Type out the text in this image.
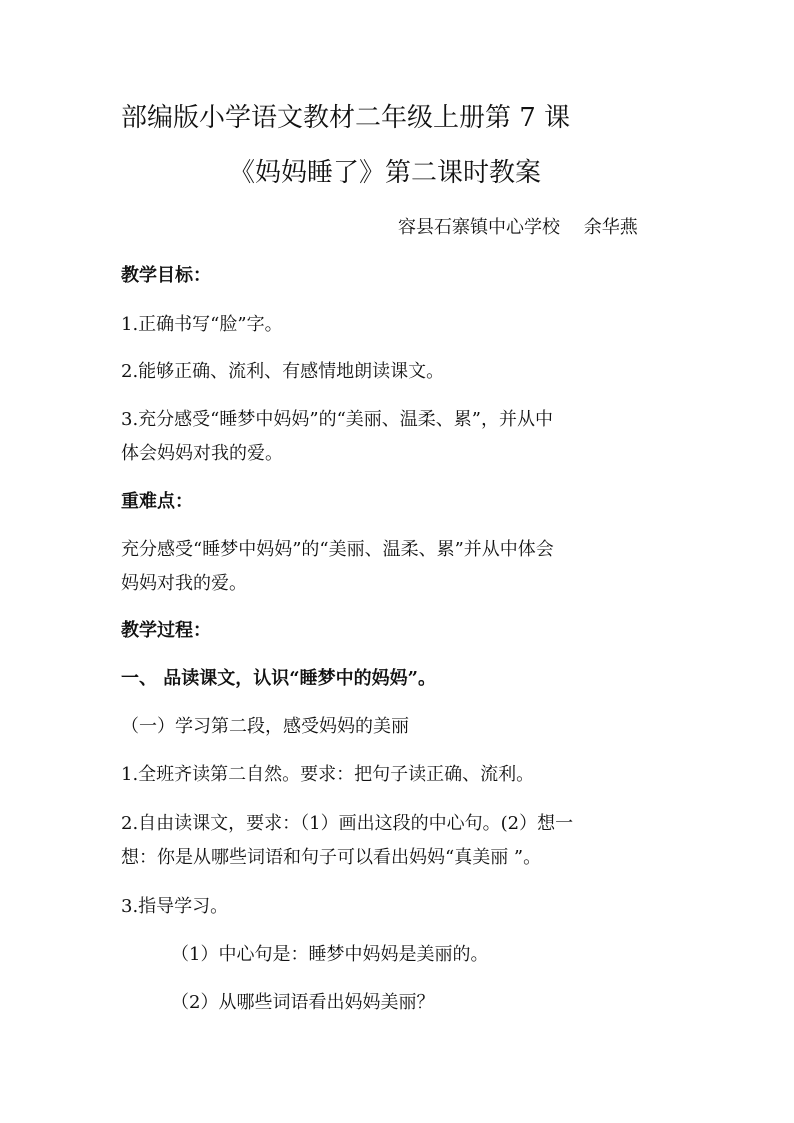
部编版小学语文教材二年级上册第 7 课
《妈妈睡了》第二课时教案
容县石寨镇中心学校　 余华燕
教学目标：
1.正确书写“脸”字。
2.能够正确、流利、有感情地朗读课文。
3.充分感受“睡梦中妈妈”的“美丽、温柔、累”，并从中
体会妈妈对我的爱。
重难点：
充分感受“睡梦中妈妈”的“美丽、温柔、累”并从中体会
妈妈对我的爱。
教学过程：
一、 品读课文，认识“睡梦中的妈妈”。
（一）学习第二段，感受妈妈的美丽
1.全班齐读第二自然。要求：把句子读正确、流利。
2.自由读课文，要求：（1）画出这段的中心句。(2）想一
想：你是从哪些词语和句子可以看出妈妈“真美丽 ”。
3.指导学习。
（1）中心句是：睡梦中妈妈是美丽的。
（2）从哪些词语看出妈妈美丽？
